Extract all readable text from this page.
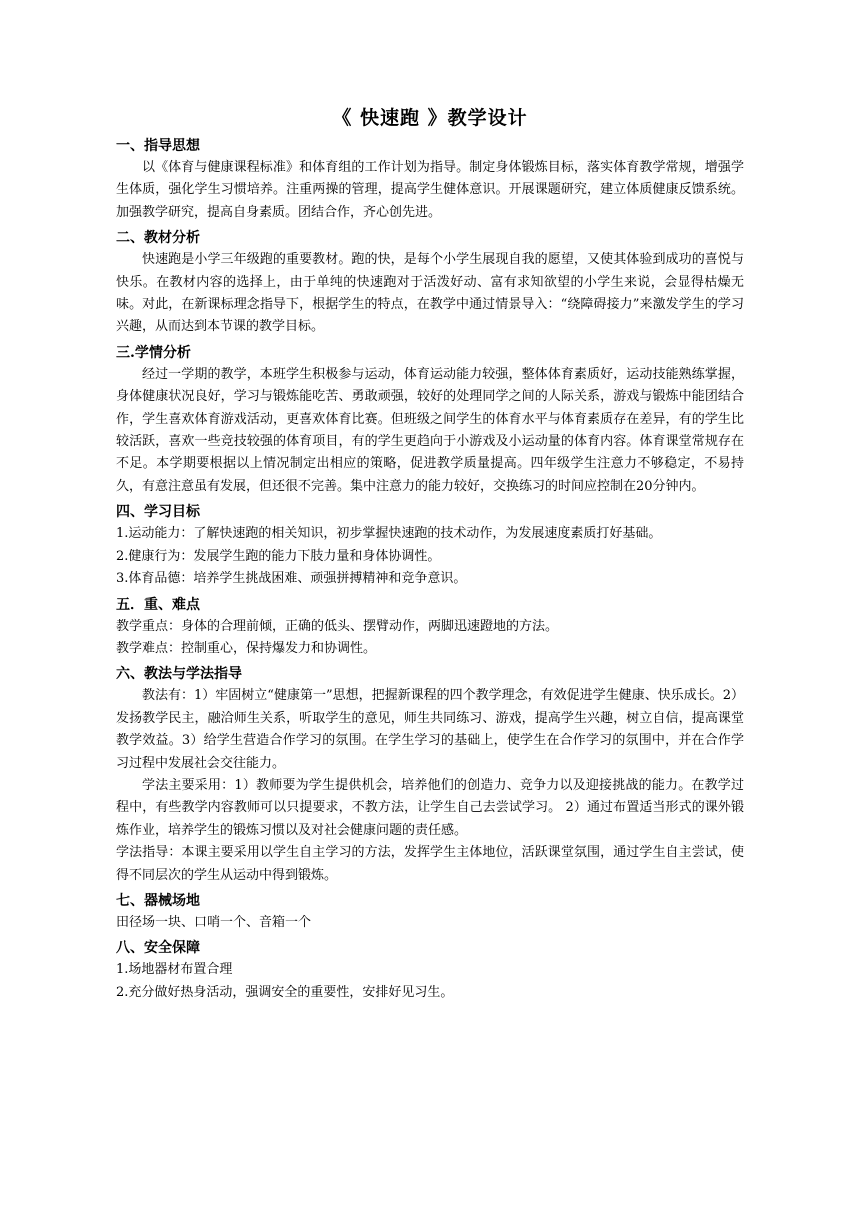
《 快速跑 》教学设计
一、指导思想

以《体育与健康课程标准》和体育组的工作计划为指导。制定身体锻炼目标，落实体育教学常规，增强学生体质，强化学生习惯培养。注重两操的管理，提高学生健体意识。开展课题研究，建立体质健康反馈系统。加强教学研究，提高自身素质。团结合作，齐心创先进。

二、教材分析

快速跑是小学三年级跑的重要教材。跑的快，是每个小学生展现自我的愿望，又使其体验到成功的喜悦与快乐。在教材内容的选择上，由于单纯的快速跑对于活泼好动、富有求知欲望的小学生来说，会显得枯燥无味。对此，在新课标理念指导下，根据学生的特点，在教学中通过情景导入：“绕障碍接力”来激发学生的学习兴趣，从而达到本节课的教学目标。

三.学情分析

经过一学期的教学，本班学生积极参与运动，体育运动能力较强，整体体育素质好，运动技能熟练掌握，身体健康状况良好，学习与锻炼能吃苦、勇敢顽强，较好的处理同学之间的人际关系，游戏与锻炼中能团结合作，学生喜欢体育游戏活动，更喜欢体育比赛。但班级之间学生的体育水平与体育素质存在差异，有的学生比较活跃，喜欢一些竞技较强的体育项目，有的学生更趋向于小游戏及小运动量的体育内容。体育课堂常规存在不足。本学期要根据以上情况制定出相应的策略，促进教学质量提高。四年级学生注意力不够稳定，不易持久，有意注意虽有发展，但还很不完善。集中注意力的能力较好，交换练习的时间应控制在20分钟内。

四、学习目标

1.运动能力：了解快速跑的相关知识，初步掌握快速跑的技术动作，为发展速度素质打好基础。

2.健康行为：发展学生跑的能力下肢力量和身体协调性。

3.体育品德：培养学生挑战困难、顽强拼搏精神和竞争意识。

五．重、难点

教学重点：身体的合理前倾，正确的低头、摆臂动作，两脚迅速蹬地的方法。

教学难点：控制重心，保持爆发力和协调性。

六、教法与学法指导

教法有：1）牢固树立“健康第一”思想，把握新课程的四个教学理念，有效促进学生健康、快乐成长。2）发扬教学民主，融洽师生关系，听取学生的意见，师生共同练习、游戏，提高学生兴趣，树立自信，提高课堂教学效益。3）给学生营造合作学习的氛围。在学生学习的基础上，使学生在合作学习的氛围中，并在合作学习过程中发展社会交往能力。

学法主要采用：1）教师要为学生提供机会，培养他们的创造力、竞争力以及迎接挑战的能力。在教学过程中，有些教学内容教师可以只提要求，不教方法，让学生自己去尝试学习。 2）通过布置适当形式的课外锻炼作业，培养学生的锻炼习惯以及对社会健康问题的责任感。

学法指导：本课主要采用以学生自主学习的方法，发挥学生主体地位，活跃课堂氛围，通过学生自主尝试，使得不同层次的学生从运动中得到锻炼。

七、器械场地

田径场一块、口哨一个、音箱一个

八、安全保障

1.场地器材布置合理

2.充分做好热身活动，强调安全的重要性，安排好见习生。
